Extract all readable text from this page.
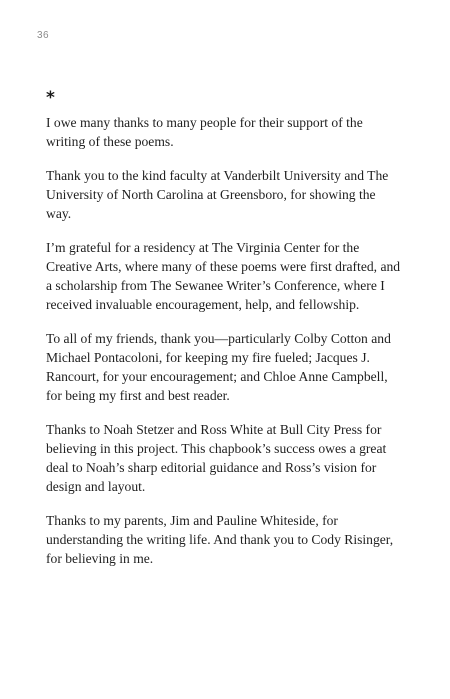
36
*

I owe many thanks to many people for their support of the writing of these poems.

Thank you to the kind faculty at Vanderbilt University and The University of North Carolina at Greensboro, for showing the way.

I’m grateful for a residency at The Virginia Center for the Creative Arts, where many of these poems were first drafted, and a scholarship from The Sewanee Writer’s Conference, where I received invaluable encouragement, help, and fellowship.

To all of my friends, thank you—particularly Colby Cotton and Michael Pontacoloni, for keeping my fire fueled; Jacques J. Rancourt, for your encouragement; and Chloe Anne Campbell, for being my first and best reader.

Thanks to Noah Stetzer and Ross White at Bull City Press for believing in this project. This chapbook’s success owes a great deal to Noah’s sharp editorial guidance and Ross’s vision for design and layout.

Thanks to my parents, Jim and Pauline Whiteside, for understanding the writing life. And thank you to Cody Risinger, for believing in me.
